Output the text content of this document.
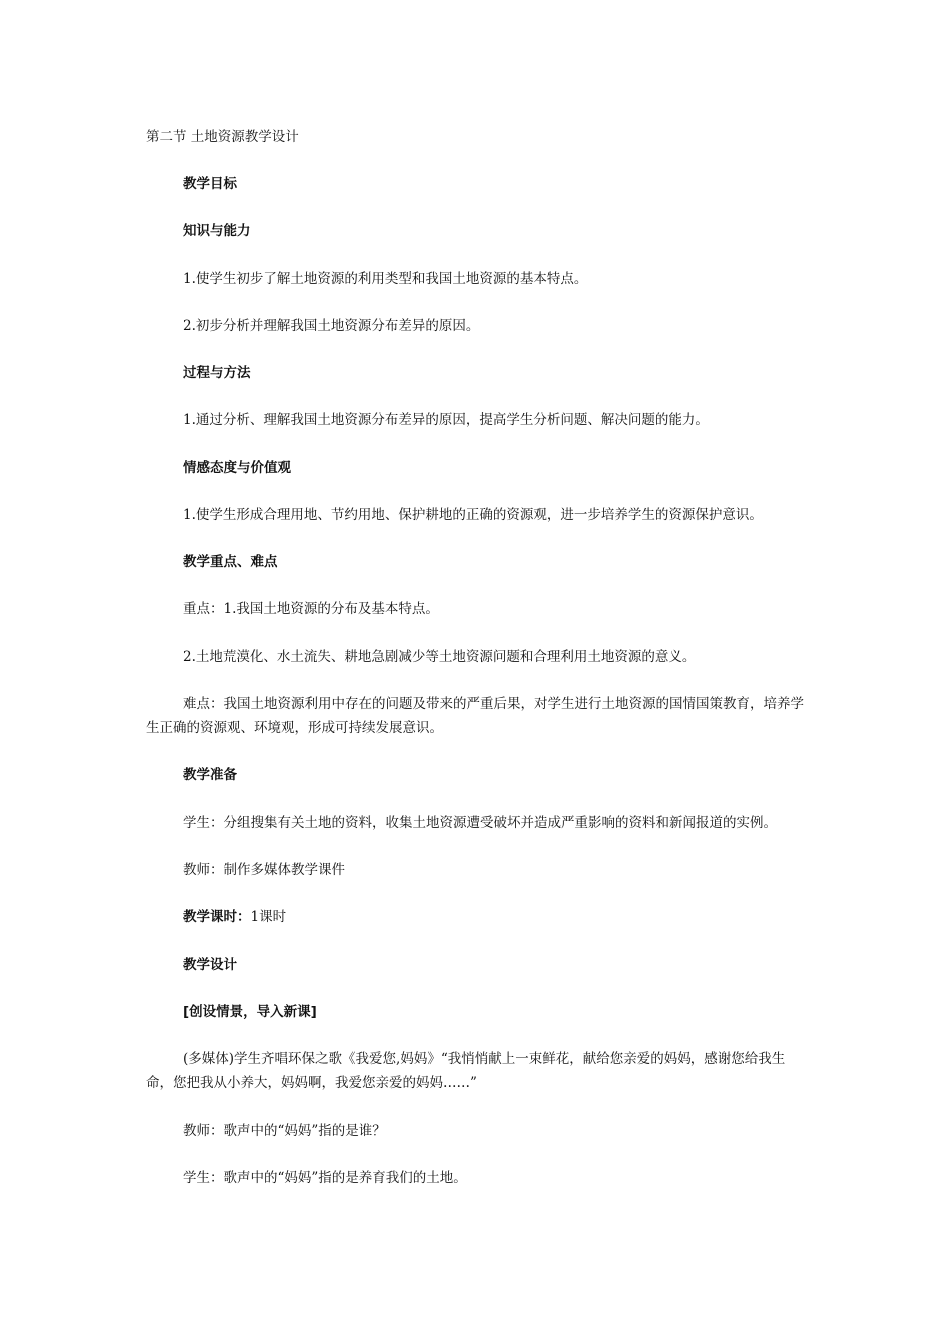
第二节 土地资源教学设计
教学目标
知识与能力
1.使学生初步了解土地资源的利用类型和我国土地资源的基本特点。
2.初步分析并理解我国土地资源分布差异的原因。
过程与方法
1.通过分析、理解我国土地资源分布差异的原因，提高学生分析问题、解决问题的能力。
情感态度与价值观
1.使学生形成合理用地、节约用地、保护耕地的正确的资源观，进一步培养学生的资源保护意识。
教学重点、难点
重点：1.我国土地资源的分布及基本特点。
2.土地荒漠化、水土流失、耕地急剧减少等土地资源问题和合理利用土地资源的意义。
难点：我国土地资源利用中存在的问题及带来的严重后果，对学生进行土地资源的国情国策教育，培养学生正确的资源观、环境观，形成可持续发展意识。
教学准备
学生：分组搜集有关土地的资料，收集土地资源遭受破坏并造成严重影响的资料和新闻报道的实例。
教师：制作多媒体教学课件
教学课时：1课时
教学设计
[创设情景，导入新课]
(多媒体)学生齐唱环保之歌《我爱您,妈妈》“我悄悄献上一束鲜花，献给您亲爱的妈妈，感谢您给我生命，您把我从小养大，妈妈啊，我爱您亲爱的妈妈……”
教师：歌声中的“妈妈”指的是谁？
学生：歌声中的“妈妈”指的是养育我们的土地。
